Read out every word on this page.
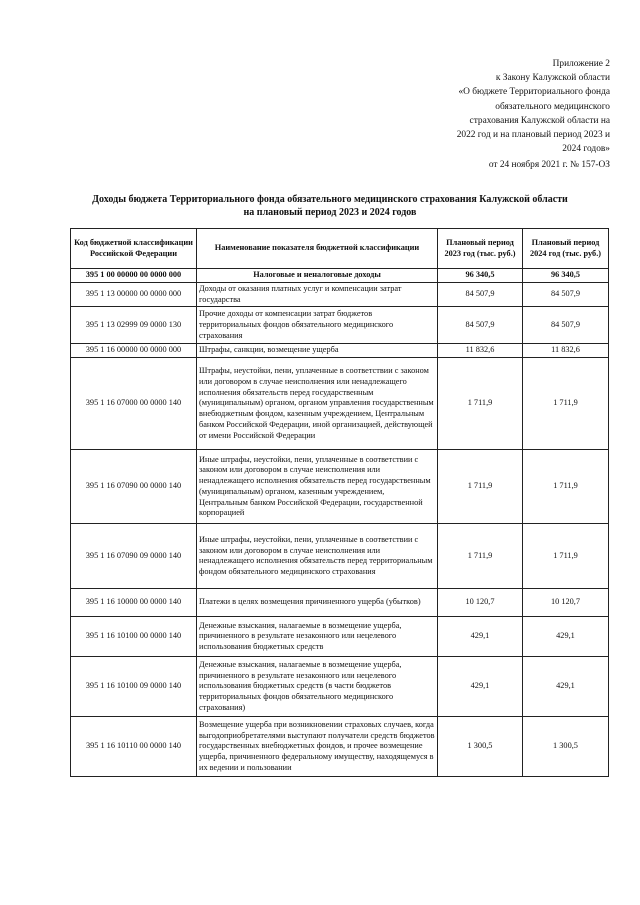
Приложение 2
к Закону Калужской области
«О бюджете Территориального фонда
обязательного медицинского
страхования Калужской области на
2022 год и на плановый период 2023 и
2024 годов»
от 24 ноября 2021 г. № 157-ОЗ
Доходы бюджета Территориального фонда обязательного медицинского страхования Калужской области
на плановый период 2023 и 2024 годов
Код бюджетной классификации Российской Федерации	Наименование показателя бюджетной классификации	Плановый период 2023 год (тыс. руб.)	Плановый период 2024 год (тыс. руб.)
395 1 00 00000 00 0000 000	Налоговые и неналоговые доходы	96 340,5	96 340,5
395 1 13 00000 00 0000 000	Доходы от оказания платных услуг и компенсации затрат государства	84 507,9	84 507,9
395 1 13 02999 09 0000 130	Прочие доходы от компенсации затрат бюджетов территориальных фондов обязательного медицинского страхования	84 507,9	84 507,9
395 1 16 00000 00 0000 000	Штрафы, санкции, возмещение ущерба	11 832,6	11 832,6
395 1 16 07000 00 0000 140	Штрафы, неустойки, пени, уплаченные в соответствии с законом или договором в случае неисполнения или ненадлежащего исполнения обязательств перед государственным (муниципальным) органом, органом управления государственным внебюджетным фондом, казенным учреждением, Центральным банком Российской Федерации, иной организацией, действующей от имени Российской Федерации	1 711,9	1 711,9
395 1 16 07090 00 0000 140	Иные штрафы, неустойки, пени, уплаченные в соответствии с законом или договором в случае неисполнения или ненадлежащего исполнения обязательств перед государственным (муниципальным) органом, казенным учреждением, Центральным банком Российской Федерации, государственной корпорацией	1 711,9	1 711,9
395 1 16 07090 09 0000 140	Иные штрафы, неустойки, пени, уплаченные в соответствии с законом или договором в случае неисполнения или ненадлежащего исполнения обязательств перед территориальным фондом обязательного медицинского страхования	1 711,9	1 711,9
395 1 16 10000 00 0000 140	Платежи в целях возмещения причиненного ущерба (убытков)	10 120,7	10 120,7
395 1 16 10100 00 0000 140	Денежные взыскания, налагаемые в возмещение ущерба, причиненного в результате незаконного или нецелевого использования бюджетных средств	429,1	429,1
395 1 16 10100 09 0000 140	Денежные взыскания, налагаемые в возмещение ущерба, причиненного в результате незаконного или нецелевого использования бюджетных средств (в части бюджетов территориальных фондов обязательного медицинского страхования)	429,1	429,1
395 1 16 10110 00 0000 140	Возмещение ущерба при возникновении страховых случаев, когда выгодоприобретателями выступают получатели средств бюджетов государственных внебюджетных фондов, и прочее возмещение ущерба, причиненного федеральному имуществу, находящемуся в их ведении и пользовании	1 300,5	1 300,5
